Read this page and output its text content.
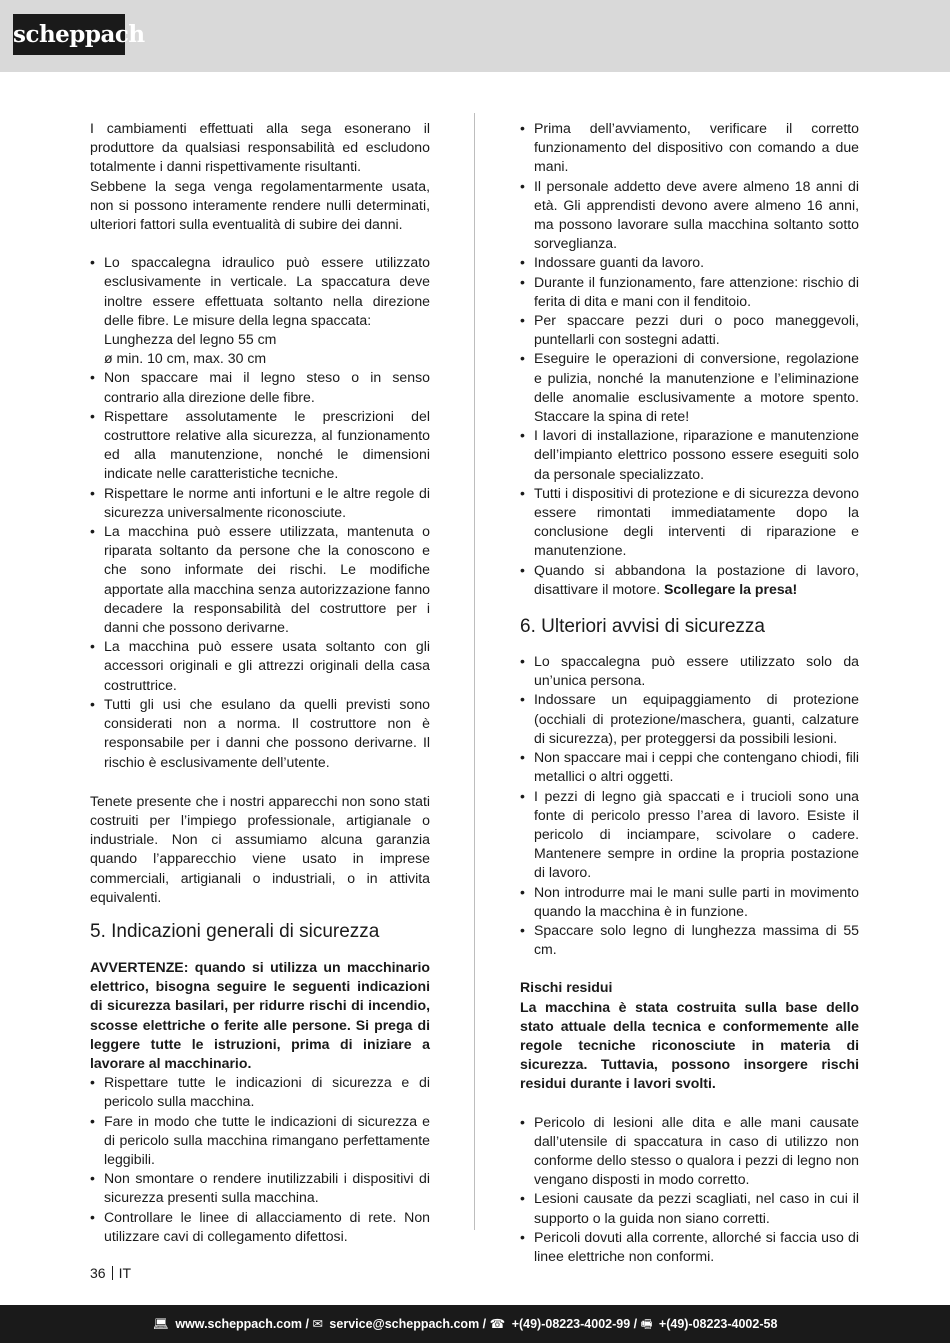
scheppach

I cambiamenti effettuati alla sega esonerano il produttore da qualsiasi responsabilità ed escludono totalmente i danni rispettivamente risultanti.

Sebbene la sega venga regolamentarmente usata, non si possono interamente rendere nulli determinati, ulteriori fattori sulla eventualità di subire dei danni.

• Lo spaccalegna idraulico può essere utilizzato esclusivamente in verticale. La spaccatura deve inoltre essere effettuata soltanto nella direzione delle fibre. Le misure della legna spaccata:
Lunghezza del legno 55 cm
ø min. 10 cm, max. 30 cm
• Non spaccare mai il legno steso o in senso contrario alla direzione delle fibre.
• Rispettare assolutamente le prescrizioni del costruttore relative alla sicurezza, al funzionamento ed alla manutenzione, nonché le dimensioni indicate nelle caratteristiche tecniche.
• Rispettare le norme anti infortuni e le altre regole di sicurezza universalmente riconosciute.
• La macchina può essere utilizzata, mantenuta o riparata soltanto da persone che la conoscono e che sono informate dei rischi. Le modifiche apportate alla macchina senza autorizzazione fanno decadere la responsabilità del costruttore per i danni che possono derivarne.
• La macchina può essere usata soltanto con gli accessori originali e gli attrezzi originali della casa costruttrice.
• Tutti gli usi che esulano da quelli previsti sono considerati non a norma. Il costruttore non è responsabile per i danni che possono derivarne. Il rischio è esclusivamente dell’utente.

Tenete presente che i nostri apparecchi non sono stati costruiti per l’impiego professionale, artigianale o industriale. Non ci assumiamo alcuna garanzia quando l’apparecchio viene usato in imprese commerciali, artigianali o industriali, o in attivita equivalenti.

5. Indicazioni generali di sicurezza

AVVERTENZE: quando si utilizza un macchinario elettrico, bisogna seguire le seguenti indicazioni di sicurezza basilari, per ridurre rischi di incendio, scosse elettriche o ferite alle persone. Si prega di leggere tutte le istruzioni, prima di iniziare a lavorare al macchinario.

• Rispettare tutte le indicazioni di sicurezza e di pericolo sulla macchina.
• Fare in modo che tutte le indicazioni di sicurezza e di pericolo sulla macchina rimangano perfettamente leggibili.
• Non smontare o rendere inutilizzabili i dispositivi di sicurezza presenti sulla macchina.
• Controllare le linee di allacciamento di rete. Non utilizzare cavi di collegamento difettosi.
• Prima dell’avviamento, verificare il corretto funzionamento del dispositivo con comando a due mani.
• Il personale addetto deve avere almeno 18 anni di età. Gli apprendisti devono avere almeno 16 anni, ma possono lavorare sulla macchina soltanto sotto sorveglianza.
• Indossare guanti da lavoro.
• Durante il funzionamento, fare attenzione: rischio di ferita di dita e mani con il fenditoio.
• Per spaccare pezzi duri o poco maneggevoli, puntellarli con sostegni adatti.
• Eseguire le operazioni di conversione, regolazione e pulizia, nonché la manutenzione e l’eliminazione delle anomalie esclusivamente a motore spento. Staccare la spina di rete!
• I lavori di installazione, riparazione e manutenzione dell’impianto elettrico possono essere eseguiti solo da personale specializzato.
• Tutti i dispositivi di protezione e di sicurezza devono essere rimontati immediatamente dopo la conclusione degli interventi di riparazione e manutenzione.
• Quando si abbandona la postazione di lavoro, disattivare il motore. Scollegare la presa!
6. Ulteriori avvisi di sicurezza
• Lo spaccalegna può essere utilizzato solo da un’unica persona.
• Indossare un equipaggiamento di protezione (occhiali di protezione/maschera, guanti, calzature di sicurezza), per proteggersi da possibili lesioni.
• Non spaccare mai i ceppi che contengano chiodi, fili metallici o altri oggetti.
• I pezzi di legno già spaccati e i trucioli sono una fonte di pericolo presso l’area di lavoro. Esiste il pericolo di inciampare, scivolare o cadere. Mantenere sempre in ordine la propria postazione di lavoro.
• Non introdurre mai le mani sulle parti in movimento quando la macchina è in funzione.
• Spaccare solo legno di lunghezza massima di 55 cm.

Rischi residui

La macchina è stata costruita sulla base dello stato attuale della tecnica e conformemente alle regole tecniche riconosciute in materia di sicurezza. Tuttavia, possono insorgere rischi residui durante i lavori svolti.

• Pericolo di lesioni alle dita e alle mani causate dall’utensile di spaccatura in caso di utilizzo non conforme dello stesso o qualora i pezzi di legno non vengano disposti in modo corretto.
• Lesioni causate da pezzi scagliati, nel caso in cui il supporto o la guida non siano corretti.
• Pericoli dovuti alla corrente, allorché si faccia uso di linee elettriche non conformi.
36 IT
💻︎ www.scheppach.com / ✉︎ service@scheppach.com / ☎︎ +(49)-08223-4002-99 / 🖷︎ +(49)-08223-4002-58
